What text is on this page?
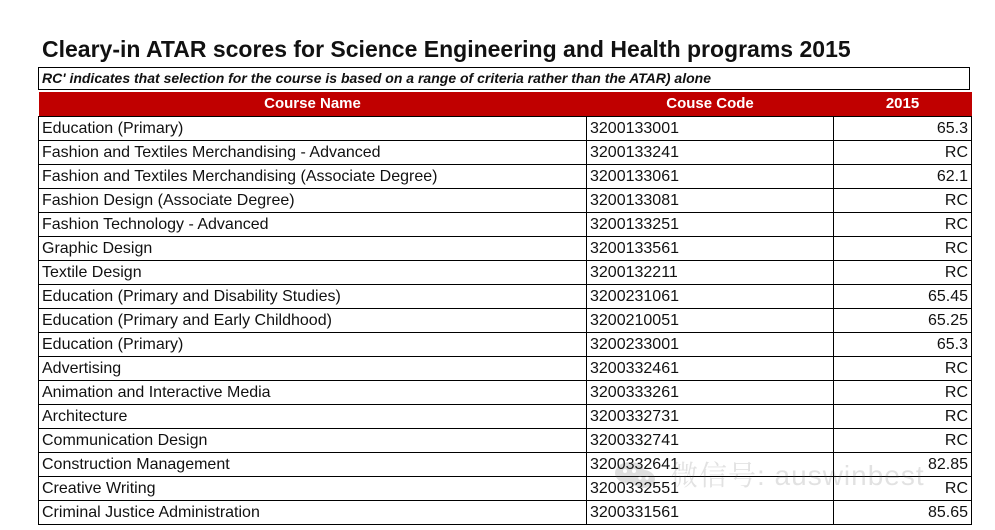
Cleary-in ATAR scores for Science Engineering and Health programs 2015
RC' indicates that selection for the course is based on a range of criteria rather than the ATAR) alone
Course Name	Couse Code	2015
Education (Primary)	3200133001	65.3
Fashion and Textiles Merchandising - Advanced	3200133241	RC
Fashion and Textiles Merchandising (Associate Degree)	3200133061	62.1
Fashion Design (Associate Degree)	3200133081	RC
Fashion Technology - Advanced	3200133251	RC
Graphic Design	3200133561	RC
Textile Design	3200132211	RC
Education (Primary and Disability Studies)	3200231061	65.45
Education (Primary and Early Childhood)	3200210051	65.25
Education (Primary)	3200233001	65.3
Advertising	3200332461	RC
Animation and Interactive Media	3200333261	RC
Architecture	3200332731	RC
Communication Design	3200332741	RC
Construction Management	3200332641	82.85
Creative Writing	3200332551	RC
Criminal Justice Administration	3200331561	85.65
微信号: auswinbest
